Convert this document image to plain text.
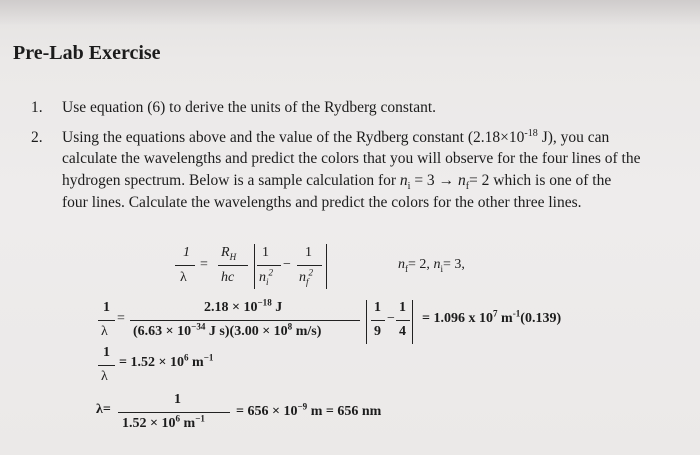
Pre-Lab Exercise
1. Use equation (6) to derive the units of the Rydberg constant.
2. Using the equations above and the value of the Rydberg constant ($2.18\times 10^{-18}$ J), you can
calculate the wavelengths and predict the colors that you will observe for the four lines of the
hydrogen spectrum. Below is a sample calculation for $n_i = 3 \to n_f= 2$ which is one of the
four lines. Calculate the wavelengths and predict the colors for the other three lines.
1
λ
=
$R_H$
hc
1
$n_i^2$
−
1
$n_f^2$
$n_f= 2$, $n_i= 3$,
1
λ
=
$2.18 \times 10^{-18}$ J
($6.63 \times 10^{-34}$ J $s)(3.00 \times 10^8$ m/s)
1
9
−
1
4
= 1.096 x $10^7$ $m^{-1}(0.139)$
1
λ
= $1.52 \times 10^6$ $m^{-1}$
λ=
1
$1.52 \times 10^6$ $m^{-1} = 656 \times 10^{-9}$ m = 656 nm
